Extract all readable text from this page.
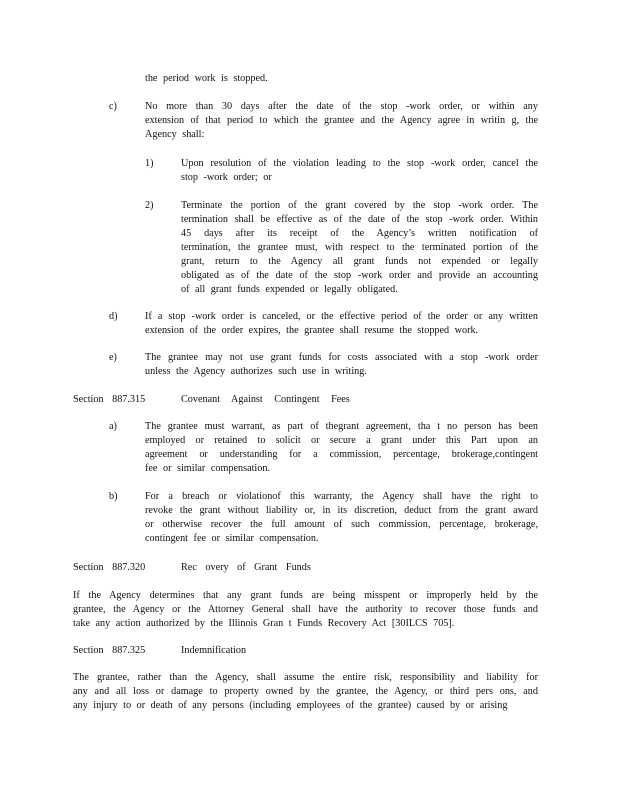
the period work is stopped.
c)	No more than 30 days after the date of the stop -work order, or within any
extension of that period to which the grantee and the Agency agree in writin g, the
Agency shall:
1)	Upon resolution of the violation leading to the stop -work order, cancel the
stop -work order; or
2)	Terminate the portion of the grant covered by the stop -work order. The
termination shall be effective as of the date of the stop -work order. Within
45 days after its receipt of the Agency’s written notification of
termination, the grantee must, with respect to the terminated portion of the
grant, return to the Agency all grant funds not expended or legally
obligated as of the date of the stop -work order and provide an accounting
of all grant funds expended or legally obligated.
d)	If a stop -work order is canceled, or the effective period of the order or any written
extension of the order expires, the grantee shall resume the stopped work.
e)	The grantee may not use grant funds for costs associated with a stop -work order
unless the Agency authorizes such use in writing.
Section 887.315	Covenant Against Contingent Fees
a)	The grantee must warrant, as part of thegrant agreement, tha t no person has been
employed or retained to solicit or secure a grant under this Part upon an
agreement or understanding for a commission, percentage, brokerage,contingent
fee or similar compensation.
b)	For a breach or violationof this warranty, the Agency shall have the right to
revoke the grant without liability or, in its discretion, deduct from the grant award
or otherwise recover the full amount of such commission, percentage, brokerage,
contingent fee or similar compensation.
Section 887.320	Rec overy of Grant Funds
If the Agency determines that any grant funds are being misspent or improperly held by the
grantee, the Agency or the Attorney General shall have the authority to recover those funds and
take any action authorized by the Illinois Gran t Funds Recovery Act [30ILCS 705].
Section 887.325	Indemnification
The grantee, rather than the Agency, shall assume the entire risk, responsibility and liability for
any and all loss or damage to property owned by the grantee, the Agency, or third pers ons, and
any injury to or death of any persons (including employees of the grantee) caused by or arising
